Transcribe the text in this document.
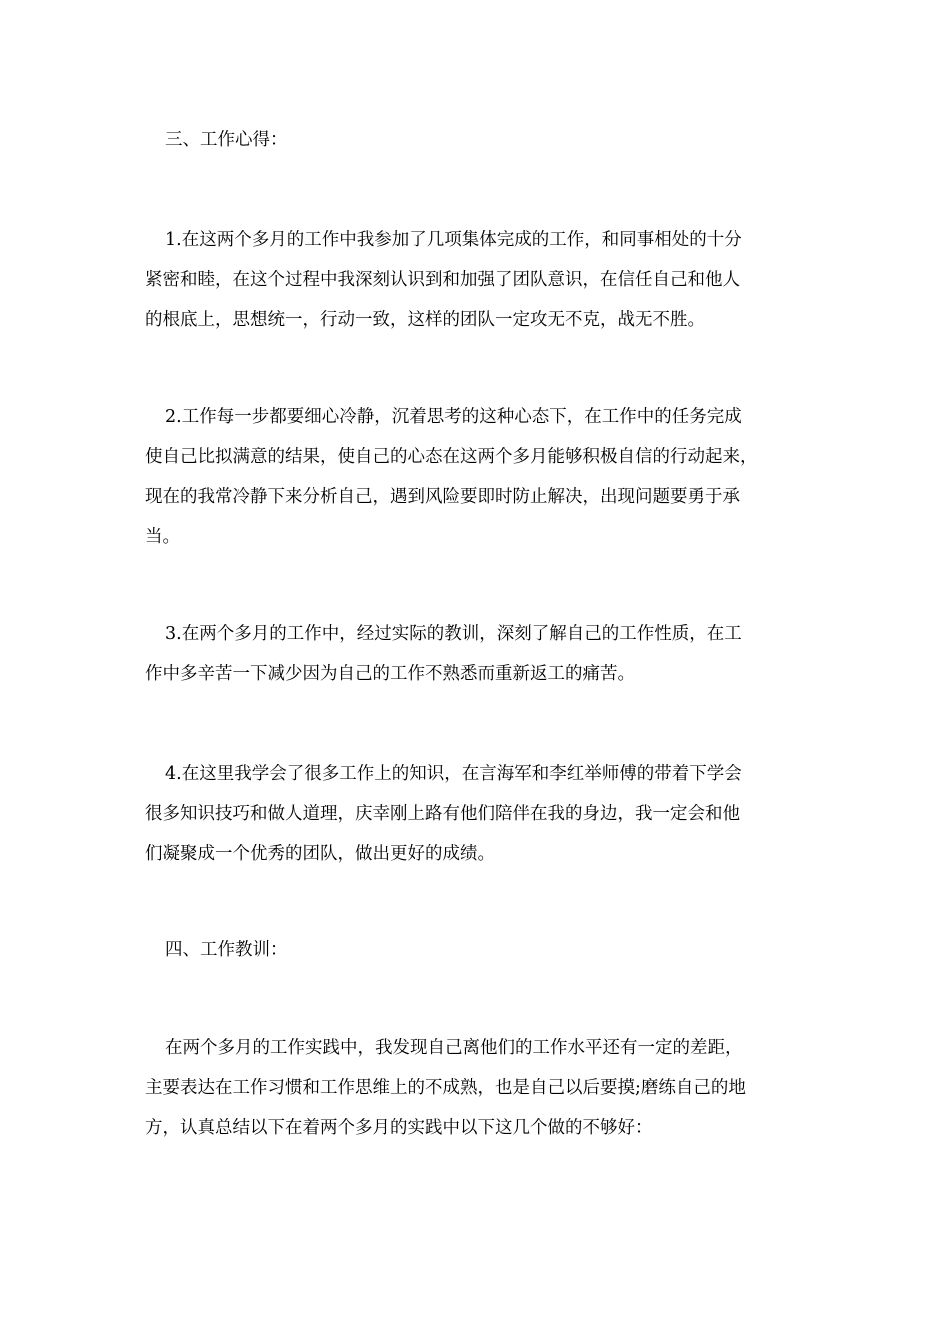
三、工作心得：
1.在这两个多月的工作中我参加了几项集体完成的工作，和同事相处的十分
紧密和睦，在这个过程中我深刻认识到和加强了团队意识，在信任自己和他人
的根底上，思想统一，行动一致，这样的团队一定攻无不克，战无不胜。
2.工作每一步都要细心冷静，沉着思考的这种心态下，在工作中的任务完成
使自己比拟满意的结果，使自己的心态在这两个多月能够积极自信的行动起来，
现在的我常冷静下来分析自己，遇到风险要即时防止解决，出现问题要勇于承
当。
3.在两个多月的工作中，经过实际的教训，深刻了解自己的工作性质，在工
作中多辛苦一下减少因为自己的工作不熟悉而重新返工的痛苦。
4.在这里我学会了很多工作上的知识，在言海军和李红举师傅的带着下学会
很多知识技巧和做人道理，庆幸刚上路有他们陪伴在我的身边，我一定会和他
们凝聚成一个优秀的团队，做出更好的成绩。
四、工作教训：
在两个多月的工作实践中，我发现自己离他们的工作水平还有一定的差距，
主要表达在工作习惯和工作思维上的不成熟，也是自己以后要摸;磨练自己的地
方，认真总结以下在着两个多月的实践中以下这几个做的不够好：
